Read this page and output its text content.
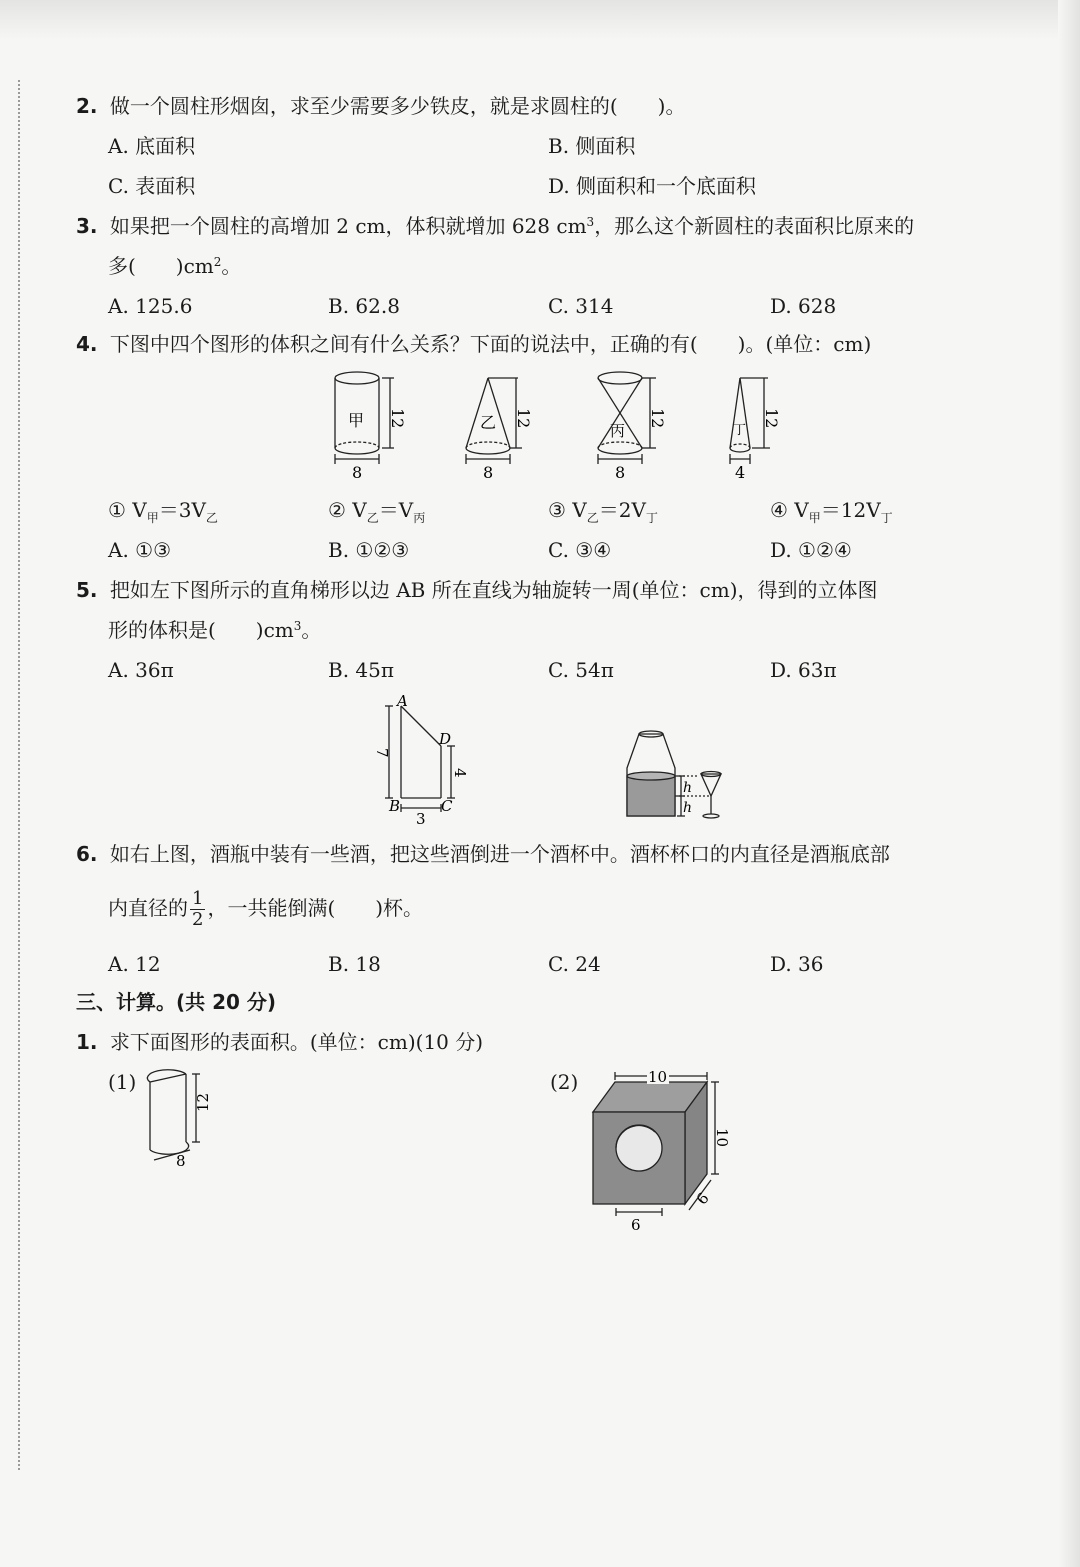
2. 做一个圆柱形烟囱，求至少需要多少铁皮，就是求圆柱的(　　)。
A. 底面积	B. 侧面积
C. 表面积	D. 侧面积和一个底面积
3. 如果把一个圆柱的高增加 2 cm，体积就增加 628 $cm^3$，那么这个新圆柱的表面积比原来的
多(　　)$cm^2$。
A. 125.6	B. 62.8	C. 314	D. 628
4. 下图中四个图形的体积之间有什么关系？下面的说法中，正确的有(　　)。(单位：cm)
甲 12
8
乙 12
8
丙
12
8
丁
12
4
① $V_甲=3V_乙$	② $V_乙=V_丙$	③ $V_乙=2V_丁$	④ $V_甲=12V_丁$
A. ①③	B. ①②③	C. ③④	D. ①②④
5. 把如左下图所示的直角梯形以边 AB 所在直线为轴旋转一周(单位：cm)，得到的立体图
形的体积是(　　)$cm^3$。
A. 36π	B. 45π	C. 54π	D. 63π
A
D
B	C
7
4
3
h
h
6. 如右上图，酒瓶中装有一些酒，把这些酒倒进一个酒杯中。酒杯杯口的内直径是酒瓶底部
内直径的 $\frac{1}{2}$ ，一共能倒满(　　)杯。
A. 12	B. 18	C. 24	D. 36
三、计算。(共 20 分)
1. 求下面图形的表面积。(单位：cm)(10 分)
(1)
12
8
(2)	10
10
6
6
